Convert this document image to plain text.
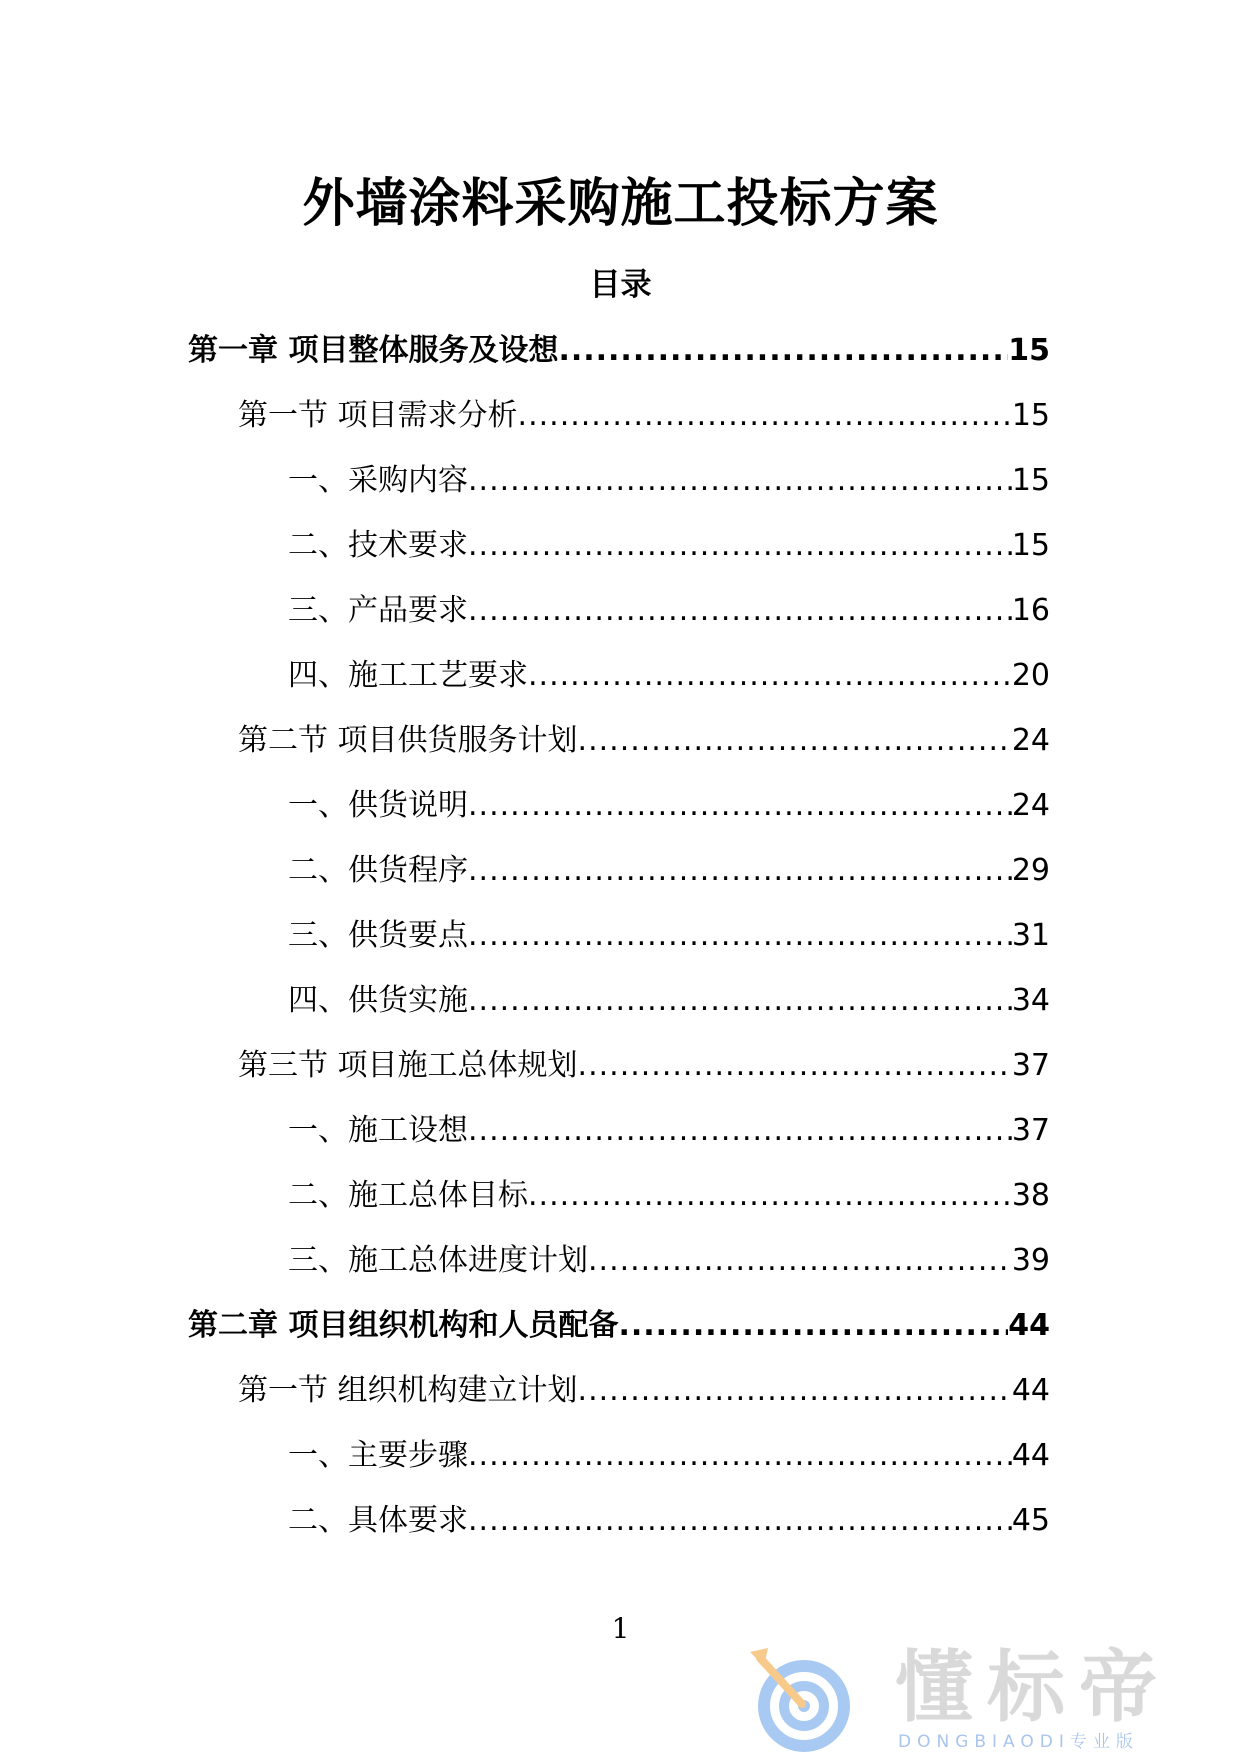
外墙涂料采购施工投标方案
目录
第一章 项目整体服务及设想 .....	15
第一节 项目需求分析 .....	15
一、采购内容 .....	15
二、技术要求 .....	15
三、产品要求 .....	16
四、施工工艺要求 .....	20
第二节 项目供货服务计划 .....	24
一、供货说明 .....	24
二、供货程序 .....	29
三、供货要点 .....	31
四、供货实施 .....	34
第三节 项目施工总体规划 .....	37
一、施工设想 .....	37
二、施工总体目标 .....	38
三、施工总体进度计划 .....	39
第二章 项目组织机构和人员配备 .....	44
第一节 组织机构建立计划 .....	44
一、主要步骤 .....	44
二、具体要求 .....	45
1
懂标帝
DONGBIAODI专业版
